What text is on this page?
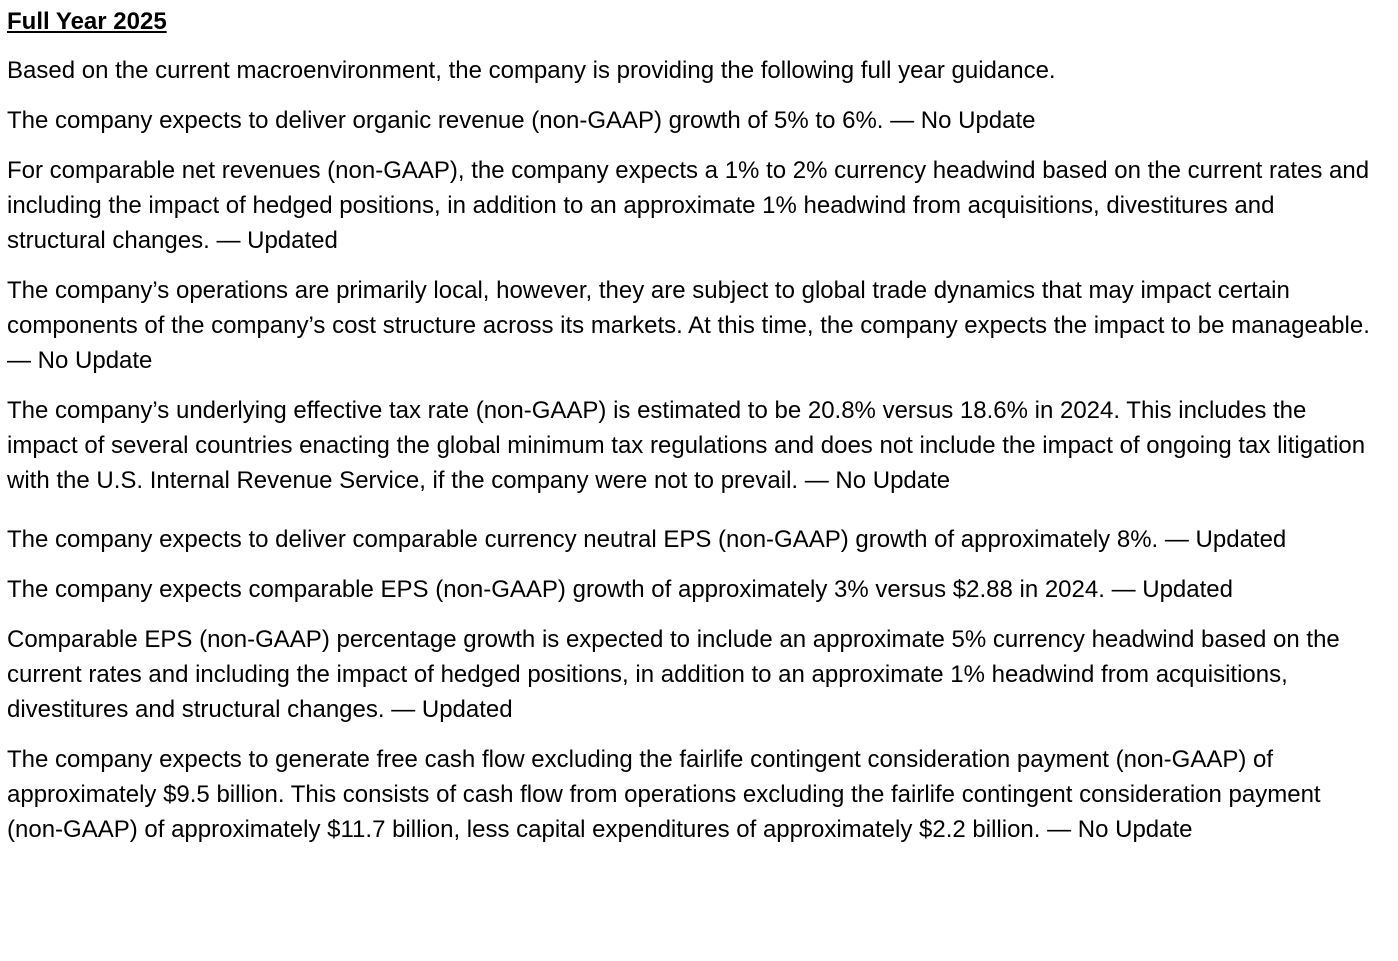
Full Year 2025

Based on the current macroenvironment, the company is providing the following full year guidance.

The company expects to deliver organic revenue (non-GAAP) growth of 5% to 6%. — No Update

For comparable net revenues (non-GAAP), the company expects a 1% to 2% currency headwind based on the current rates and including the impact of hedged positions, in addition to an approximate 1% headwind from acquisitions, divestitures and structural changes. — Updated

The company’s operations are primarily local, however, they are subject to global trade dynamics that may impact certain components of the company’s cost structure across its markets. At this time, the company expects the impact to be manageable. — No Update

The company’s underlying effective tax rate (non-GAAP) is estimated to be 20.8% versus 18.6% in 2024. This includes the impact of several countries enacting the global minimum tax regulations and does not include the impact of ongoing tax litigation with the U.S. Internal Revenue Service, if the company were not to prevail. — No Update

The company expects to deliver comparable currency neutral EPS (non-GAAP) growth of approximately 8%. — Updated

The company expects comparable EPS (non-GAAP) growth of approximately 3% versus $2.88 in 2024. — Updated

Comparable EPS (non-GAAP) percentage growth is expected to include an approximate 5% currency headwind based on the current rates and including the impact of hedged positions, in addition to an approximate 1% headwind from acquisitions, divestitures and structural changes. — Updated

The company expects to generate free cash flow excluding the fairlife contingent consideration payment (non-GAAP) of approximately $9.5 billion. This consists of cash flow from operations excluding the fairlife contingent consideration payment (non-GAAP) of approximately $11.7 billion, less capital expenditures of approximately $2.2 billion. — No Update
